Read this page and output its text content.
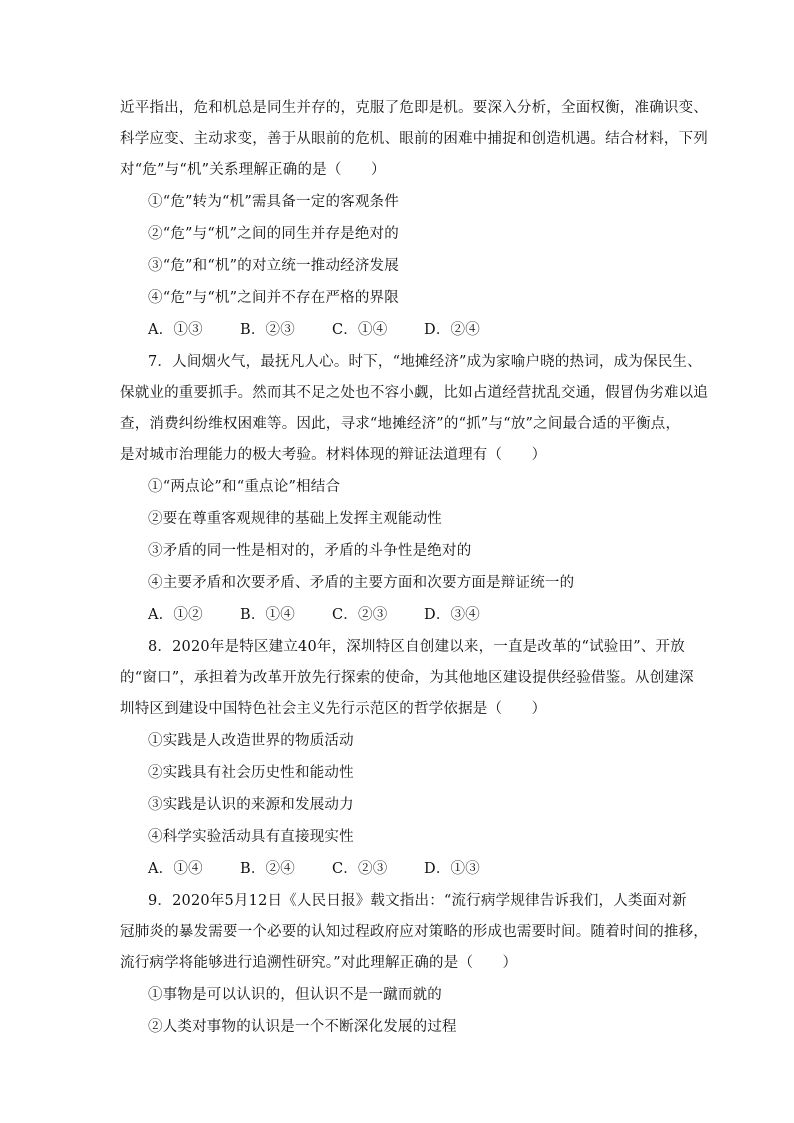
近平指出，危和机总是同生并存的，克服了危即是机。要深入分析，全面权衡，准确识变、
科学应变、主动求变，善于从眼前的危机、眼前的困难中捕捉和创造机遇。结合材料，下列
对“危”与“机”关系理解正确的是（　　）
①“危”转为“机”需具备一定的客观条件
②“危”与“机”之间的同生并存是绝对的
③“危”和“机”的对立统一推动经济发展
④“危”与“机”之间并不存在严格的界限
A．①③	B．②③	C．①④	D．②④
7．人间烟火气，最抚凡人心。时下，“地摊经济”成为家喻户晓的热词，成为保民生、
保就业的重要抓手。然而其不足之处也不容小觑，比如占道经营扰乱交通，假冒伪劣难以追
查，消费纠纷维权困难等。因此，寻求“地摊经济”的“抓”与“放”之间最合适的平衡点，
是对城市治理能力的极大考验。材料体现的辩证法道理有（　　）
①“两点论”和“重点论”相结合
②要在尊重客观规律的基础上发挥主观能动性
③矛盾的同一性是相对的，矛盾的斗争性是绝对的
④主要矛盾和次要矛盾、矛盾的主要方面和次要方面是辩证统一的
A．①②	B．①④	C．②③	D．③④
8．2020年是特区建立40年，深圳特区自创建以来，一直是改革的“试验田”、开放
的“窗口”，承担着为改革开放先行探索的使命，为其他地区建设提供经验借鉴。从创建深
圳特区到建设中国特色社会主义先行示范区的哲学依据是（　　）
①实践是人改造世界的物质活动
②实践具有社会历史性和能动性
③实践是认识的来源和发展动力
④科学实验活动具有直接现实性
A．①④	B．②④	C．②③	D．①③
9．2020年5月12日《人民日报》载文指出：“流行病学规律告诉我们，人类面对新
冠肺炎的暴发需要一个必要的认知过程政府应对策略的形成也需要时间。随着时间的推移，
流行病学将能够进行追溯性研究。”对此理解正确的是（　　）
①事物是可以认识的，但认识不是一蹴而就的
②人类对事物的认识是一个不断深化发展的过程
